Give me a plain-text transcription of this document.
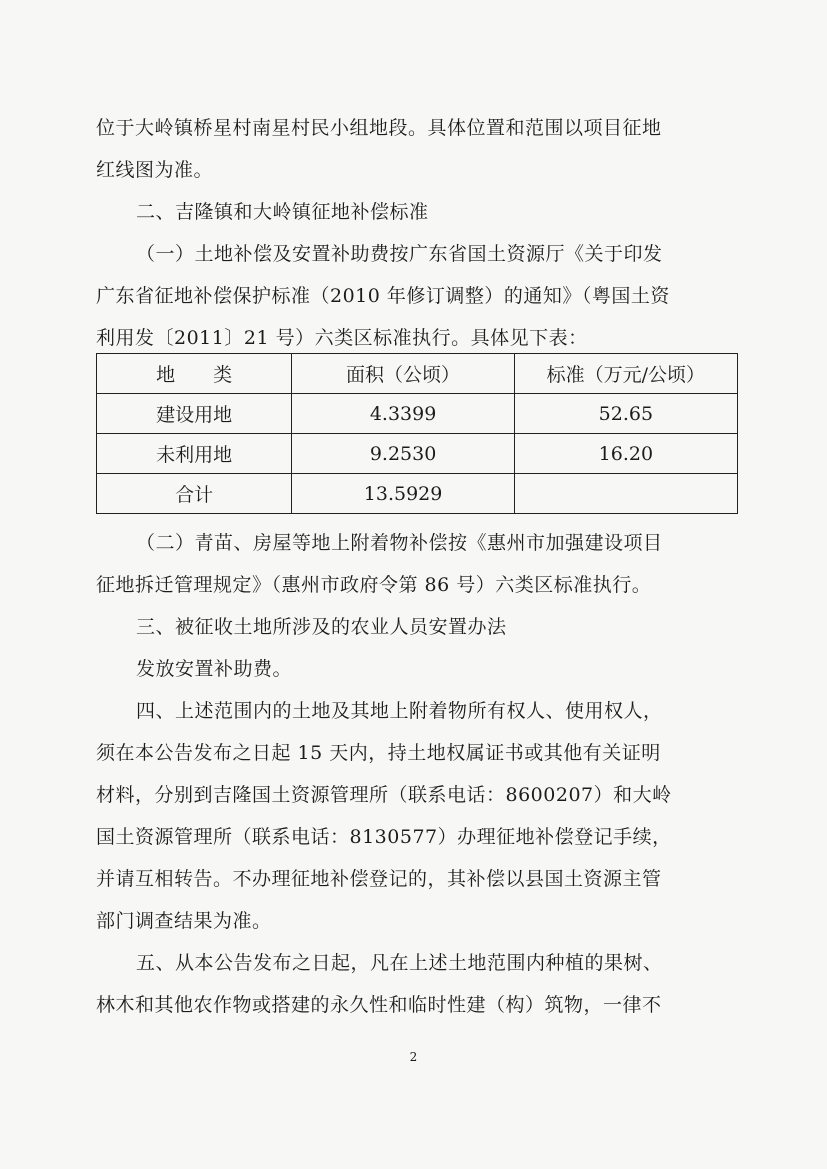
位于大岭镇桥星村南星村民小组地段。具体位置和范围以项目征地
红线图为准。

二、吉隆镇和大岭镇征地补偿标准

（一）土地补偿及安置补助费按广东省国土资源厅《关于印发
广东省征地补偿保护标准（2010 年修订调整）的通知》（粤国土资
利用发〔2011〕21 号）六类区标准执行。具体见下表：

地　　类	面积（公顷）	标准（万元/公顷）
建设用地	4.3399	52.65
未利用地	9.2530	16.20
合计	13.5929	

（二）青苗、房屋等地上附着物补偿按《惠州市加强建设项目
征地拆迁管理规定》（惠州市政府令第 86 号）六类区标准执行。

三、被征收土地所涉及的农业人员安置办法

发放安置补助费。

四、上述范围内的土地及其地上附着物所有权人、使用权人，
须在本公告发布之日起 15 天内，持土地权属证书或其他有关证明
材料，分别到吉隆国土资源管理所（联系电话：8600207）和大岭
国土资源管理所（联系电话：8130577）办理征地补偿登记手续，
并请互相转告。不办理征地补偿登记的，其补偿以县国土资源主管
部门调查结果为准。

五、从本公告发布之日起，凡在上述土地范围内种植的果树、
林木和其他农作物或搭建的永久性和临时性建（构）筑物，一律不

2
